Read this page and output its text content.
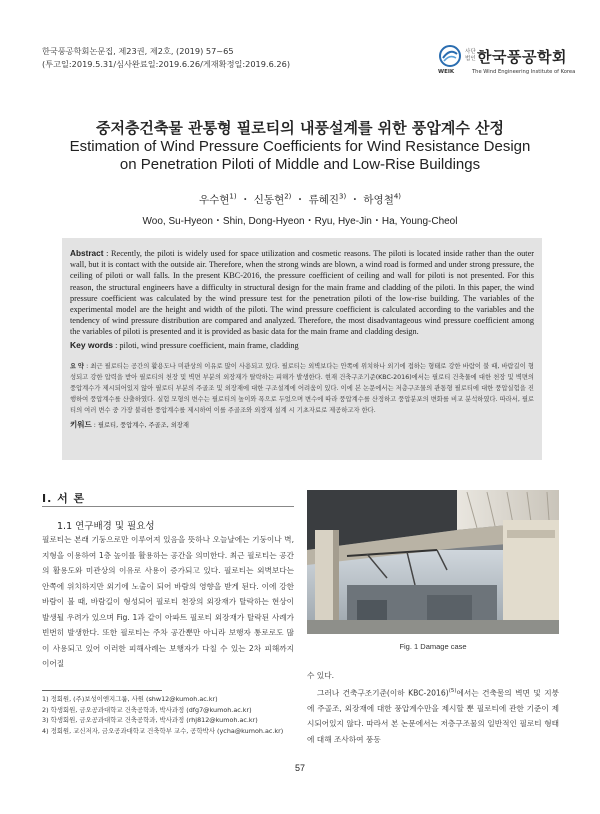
한국풍공학회논문집, 제23권, 제2호, (2019) 57~65
(투고일:2019.5.31/심사완료일:2019.6.26/게재확정일:2019.6.26)
사단
법인 한국풍공학회
WEIK	The Wind Engineering Institute of Korea
중저층건축물 관통형 필로티의 내풍설계를 위한 풍압계수 산정
Estimation of Wind Pressure Coefficients for Wind Resistance Design on Penetration Piloti of Middle and Low-Rise Buildings
우수현$^{1)}$ ・ 신동현$^{2)}$ ・ 류혜진$^{3)}$ ・ 하영철$^{4)}$
Woo, Su-Hyeon・Shin, Dong-Hyeon・Ryu, Hye-Jin・Ha, Young-Cheol
Abstract : Recently, the piloti is widely used for space utilization and cosmetic reasons. The piloti is located inside rather than the outer wall, but it is contact with the outside air. Therefore, when the strong winds are blown, a wind road is formed and under strong pressure, the ceiling of piloti or wall falls. In the present KBC-2016, the pressure coefficient of ceiling and wall for piloti is not presented. For this reason, the structural engineers have a difficulty in structural design for the main frame and cladding of the piloti. In this paper, the wind pressure coefficient was calculated by the wind pressure test for the penetration piloti of the low-rise building. The variables of the experimental model are the height and width of the piloti. The wind pressure coefficient is calculated according to the variables and the tendency of wind pressure distribution are compared and analyzed. Therefore, the most disadvantageous wind pressure coefficient among the variables of piloti is presented and it is provided as basic data for the main frame and cladding design.
Key words : piloti, wind pressure coefficient, main frame, cladding
요 약 : 최근 필로티는 공간의 활용도나 미관상의 이유로 많이 사용되고 있다. 필로티는 외벽보다는 안쪽에 위치하나 외기에 접하는 형태로 강한 바람이 불 때, 바람길이 형성되고 강한 압력을 받아 필로티의 천장 및 벽면 부분의 외장재가 탈락하는 피해가 발생한다. 현재 건축구조기준(KBC-2016)에서는 필로티 건축물에 대한 천장 및 벽면의 풍압계수가 제시되어있지 않아 필로티 부분의 주골조 및 외장재에 대한 구조설계에 어려움이 있다. 이에 본 논문에서는 저층구조물의 관통형 필로티에 대한 풍압실험을 진행하여 풍압계수를 산출하였다. 실험 모형의 변수는 필로티의 높이와 폭으로 두었으며 변수에 따라 풍압계수를 산정하고 풍압분포의 변화를 비교 분석하였다. 따라서, 필로티의 여러 변수 중 가장 불리한 풍압계수를 제시하여 이를 주골조와 외장재 설계 시 기초자료로 제공하고자 한다.
키워드 : 필로티, 풍압계수, 주골조, 외장재
I. 서 론
1.1 연구배경 및 필요성
필로티는 본래 기둥으로만 이루어져 있음을 뜻하나 오늘날에는 기둥이나 벽, 지형을 이용하여 1층 높이를 활용하는 공간을 의미한다. 최근 필로티는 공간의 활용도와 미관상의 이유로 사용이 증가되고 있다. 필로티는 외벽보다는 안쪽에 위치하지만 외기에 노출이 되어 바람의 영향을 받게 된다. 이에 강한 바람이 불 때, 바람길이 형성되어 필로티 천장의 외장재가 탈락하는 현상이 발생될 우려가 있으며 Fig. 1과 같이 아파트 필로티 외장재가 탈락된 사례가 빈번히 발생한다. 또한 필로티는 주차 공간뿐만 아니라 보행자 통로로도 많이 사용되고 있어 이러한 피해사례는 보행자가 다칠 수 있는 2차 피해까지 이어질
Fig. 1 Damage case
수 있다.
그러나 건축구조기준(이하 KBC-2016)$^{(5)}$에서는 건축물의 벽면 및 지붕에 주골조, 외장재에 대한 풍압계수만을 제시할 뿐 필로티에 관한 기준이 제시되어있지 않다. 따라서 본 논문에서는 저층구조물의 일반적인 필로티 형태에 대해 조사하여 풍동
1) 정회원, (주)보성이엔지그룹, 사원 (shw12@kumoh.ac.kr)
2) 학생회원, 금오공과대학교 건축공학과, 박사과정 (dfg7@kumoh.ac.kr)
3) 학생회원, 금오공과대학교 건축공학과, 박사과정 (rhj812@kumoh.ac.kr)
4) 정회원, 교신저자, 금오공과대학교 건축학부 교수, 공학박사 (ycha@kumoh.ac.kr)
57
